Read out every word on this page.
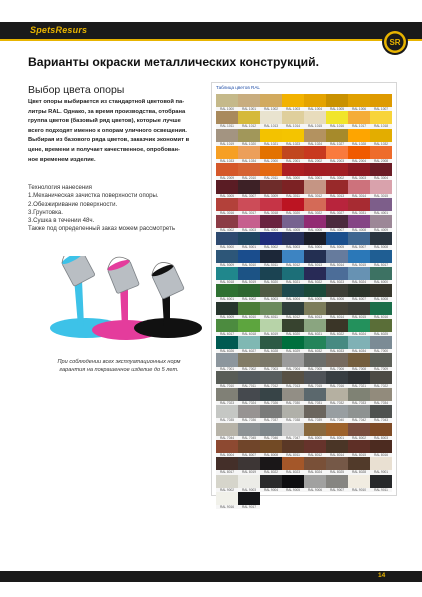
SpetsResurs
SR
Варианты окраски металлических конструкций.
Выбор цвета опоры

Цвет опоры выбирается из стандартной цветовой па-

литры RAL. Однако, за время производства, отобрана

группа цветов (базовый ряд цветов), которые лучше

всего подходят именно к опорам уличного освещения.

Выбирая из базового ряда цветов, заказчик экономит в

цене, времени и получает качественное, опробован-

ное временем изделие.

Технология нанесения
1.Механическая зачистка поверхности опоры.
2.Обезжиривание поверхности.
3.Грунтовка.
3.Сушка в течении 48ч.
Также под определенный заказ можем рассмотреть
При соблюдении всех эксплуатационных норм гарантия на покрашенное изделие до 5 лет.
Таблица цветов RAL
RAL 1000	RAL 1001	RAL 1002	RAL 1003	RAL 1004	RAL 1005	RAL 1006	RAL 1007
RAL 1011	RAL 1012	RAL 1013	RAL 1014	RAL 1015	RAL 1016	RAL 1017	RAL 1018
RAL 1019	RAL 1020	RAL 1021	RAL 1023	RAL 1024	RAL 1027	RAL 1028	RAL 1032
RAL 1033	RAL 1034	RAL 2000	RAL 2001	RAL 2002	RAL 2003	RAL 2004	RAL 2008
RAL 2009	RAL 2010	RAL 2011	RAL 3000	RAL 3001	RAL 3002	RAL 3003	RAL 3004
RAL 3005	RAL 3007	RAL 3009	RAL 3011	RAL 3012	RAL 3013	RAL 3014	RAL 3015
RAL 3016	RAL 3017	RAL 3018	RAL 3020	RAL 3022	RAL 3027	RAL 3031	RAL 4001
RAL 4002	RAL 4003	RAL 4004	RAL 4005	RAL 4006	RAL 4007	RAL 4008	RAL 4009
RAL 5000	RAL 5001	RAL 5002	RAL 5003	RAL 5004	RAL 5005	RAL 5007	RAL 5008
RAL 5009	RAL 5010	RAL 5011	RAL 5012	RAL 5013	RAL 5014	RAL 5015	RAL 5017
RAL 5018	RAL 5019	RAL 5020	RAL 5021	RAL 5022	RAL 5023	RAL 5024	RAL 6000
RAL 6001	RAL 6002	RAL 6003	RAL 6004	RAL 6005	RAL 6006	RAL 6007	RAL 6008
RAL 6009	RAL 6010	RAL 6011	RAL 6012	RAL 6013	RAL 6014	RAL 6015	RAL 6016
RAL 6017	RAL 6018	RAL 6019	RAL 6020	RAL 6021	RAL 6022	RAL 6024	RAL 6025
RAL 6026	RAL 6027	RAL 6028	RAL 6029	RAL 6032	RAL 6033	RAL 6034	RAL 7000
RAL 7001	RAL 7002	RAL 7003	RAL 7004	RAL 7005	RAL 7006	RAL 7008	RAL 7009
RAL 7010	RAL 7011	RAL 7012	RAL 7013	RAL 7015	RAL 7016	RAL 7021	RAL 7022
RAL 7023	RAL 7024	RAL 7026	RAL 7030	RAL 7031	RAL 7032	RAL 7033	RAL 7034
RAL 7035	RAL 7036	RAL 7037	RAL 7038	RAL 7039	RAL 7040	RAL 7042	RAL 7043
RAL 7044	RAL 7045	RAL 7046	RAL 7047	RAL 8000	RAL 8001	RAL 8002	RAL 8003
RAL 8004	RAL 8007	RAL 8008	RAL 8011	RAL 8012	RAL 8014	RAL 8015	RAL 8016
RAL 8017	RAL 8019	RAL 8022	RAL 8023	RAL 8024	RAL 8025	RAL 8028	RAL 9001
RAL 9002	RAL 9003	RAL 9004	RAL 9005	RAL 9006	RAL 9007	RAL 9010	RAL 9011
RAL 9016	RAL 9017
14
